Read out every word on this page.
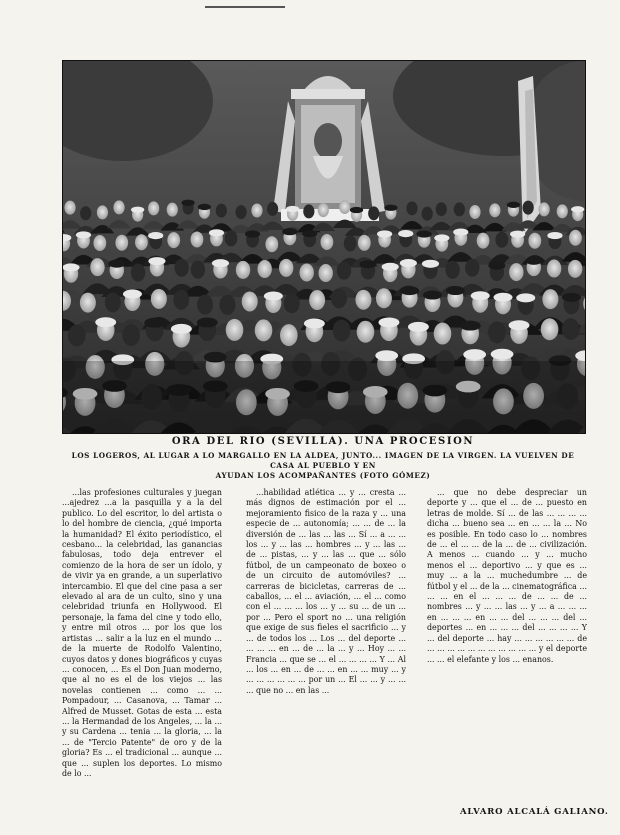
ORA DEL RIO (SEVILLA). UNA PROCESION
LOS LOGEROS, AL LUGAR A LO MARGALLO EN LA ALDEA, JUNTO... IMAGEN DE LA VIRGEN. LA VUELVEN DE CASA AL PUEBLO Y EN
AYUDAN LOS ACOMPAÑANTES (FOTO GÓMEZ)

...las profesiones culturales y juegan ...ajedrez ...a la pasquilla y a la del publico. Lo del escritor, lo del artista o lo del hombre de ciencia, ¿qué importa la humanidad? El éxito periodístico, el cesbano... la celebridad, las ganancias fabulosas, todo deja entrever el comienzo de la hora de ser un ídolo, y de vivir ya en grande, a un superlativo intercambio. El que del cine pasa a ser elevado al ara de un culto, sino y una celebridad triunfa en Hollywood. El personaje, la fama del cine y todo ello, y entre mil otros ... por los que los artistas ... salir a la luz en el mundo ... de la muerte de Rodolfo Valentino, cuyos datos y dones biográficos y cuyas ... conocen, ... Es el Don Juan moderno, que al no es el de los viejos ... las novelas contienen ... como ... ... Pompadour, ... Casanova, ... Tamar ... Alfred de Musset. Gotas de esta ... esta ... la Hermandad de los Angeles, ... la ... y su Cardena ... tenia ... la gloria, ... la ... de "Tercio Patente" de oro y de la gloria? Es ... el tradicional ... aunque ... que ... suplen los deportes. Lo mismo de lo ...

...habilidad atlética ... y ... cresta ... más dignos de estimación por el ... mejoramiento fisico de la raza y ... una especie de ... autonomía; ... ... de ... la diversión de ... las ... las ... Sí ... a ... ... los ... y ... las ... hombres ... y ... las ... de ... pistas, ... y ... las ... que ... sólo fútbol, de un campeonato de boxeo o de un circuito de automóviles? ... carreras de bicicletas, carreras de ... caballos, ... el ... aviación, ... el ... como con el ... ... ... los ... y ... su ... de un ... por ... Pero el sport no ... una religión que exige de sus fieles el sacrificio ... y ... de todos los ... Los ... del deporte ... ... ... ... en ... de ... la ... y ... Hoy ... ... Francia ... que se ... el ... ... ... ... Y ... Al ... los ... en ... de ... ... en ... ... muy ... y ... ... ... ... ... ... por un ... El ... ... y ... ... ... que no ... en las ...

... que no debe despreciar un deporte y ... que el ... de ... puesto en letras de molde. Sí ... de las ... ... ... ... dicha ... bueno sea ... en ... ... la ... No es posible. En todo caso lo ... nombres de ... el ... ... de la ... de ... civilización. A menos ... cuando ... y ... mucho menos el ... deportivo ... y que es ... muy ... a la ... muchedumbre ... de fútbol y el ... de la ... cinematográfica ... ... ... en el ... ... ... de ... ... de ... nombres ... y ... ... las ... y ... a ... ... ... en ... ... ... en ... ... del ... ... ... del ... deportes ... en ... ... ... del ... ... ... ... Y ... del deporte ... hay ... ... ... ... ... ... de ... ... ... ... ... ... ... ... ... ... ... y el deporte ... ... el elefante y los ... enanos.

ALVARO ALCALÁ GALIANO.
